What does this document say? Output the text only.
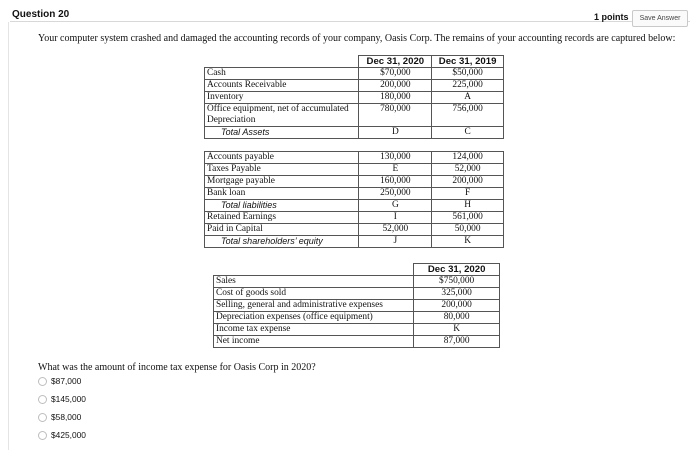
Question 20	1 points	Save Answer
Your computer system crashed and damaged the accounting records of your company, Oasis Corp. The remains of your accounting records are captured below:
	Dec 31, 2020	Dec 31, 2019
Cash	$70,000	$50,000
Accounts Receivable	200,000	225,000
Inventory	180,000	A
Office equipment, net of accumulated Depreciation	780,000	756,000
Total Assets	D	C

Accounts payable	130,000	124,000
Taxes Payable	E	52,000
Mortgage payable	160,000	200,000
Bank loan	250,000	F
Total liabilities	G	H
Retained Earnings	I	561,000
Paid in Capital	52,000	50,000
Total shareholders’ equity	J	K
	Dec 31, 2020
Sales	$750,000
Cost of goods sold	325,000
Selling, general and administrative expenses	200,000
Depreciation expenses (office equipment)	80,000
Income tax expense	K
Net income	87,000
What was the amount of income tax expense for Oasis Corp in 2020?
$87,000
$145,000
$58,000
$425,000
